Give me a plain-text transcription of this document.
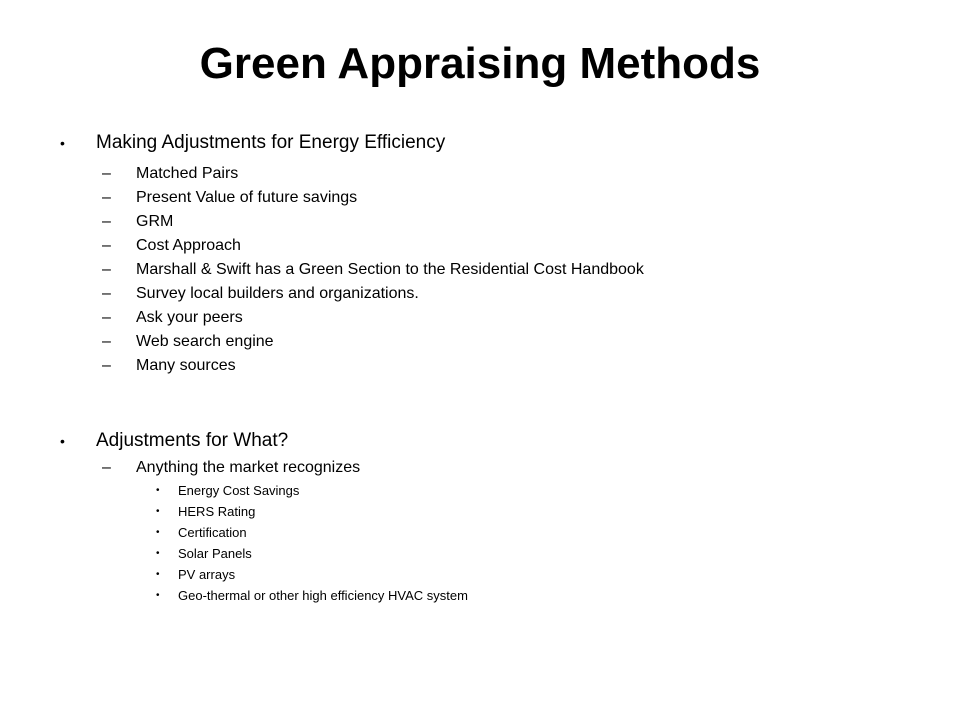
Green Appraising Methods
• Making Adjustments for Energy Efficiency
– Matched Pairs
– Present Value of future savings
– GRM
– Cost Approach
– Marshall & Swift has a Green Section to the Residential Cost Handbook
– Survey local builders and organizations.
– Ask your peers
– Web search engine
– Many sources
• Adjustments for What?
– Anything the market recognizes
• Energy Cost Savings
• HERS Rating
• Certification
• Solar Panels
• PV arrays
• Geo-thermal or other high efficiency HVAC system
